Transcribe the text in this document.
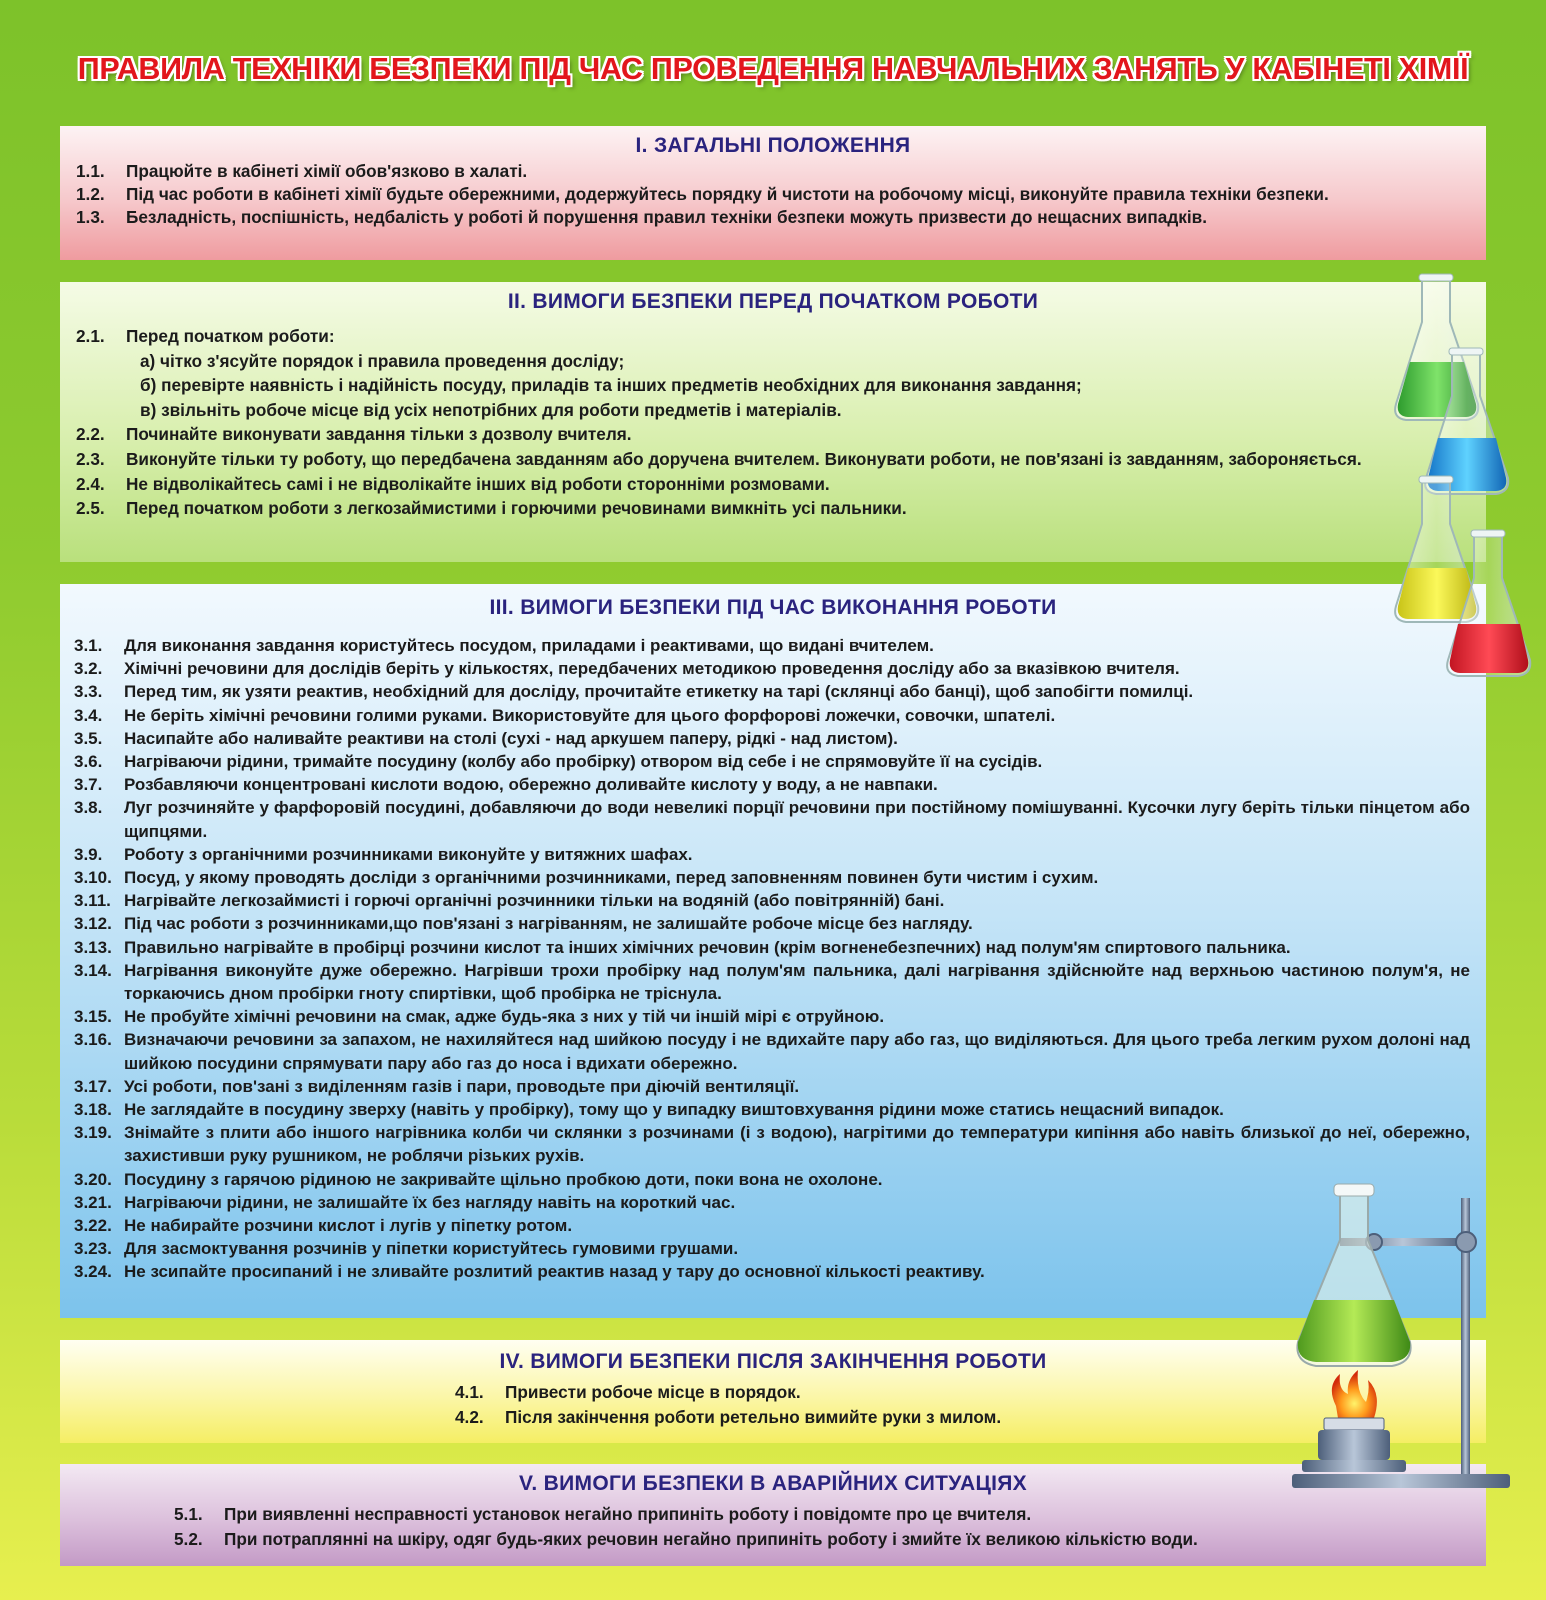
ПРАВИЛА ТЕХНІКИ БЕЗПЕКИ ПІД ЧАС ПРОВЕДЕННЯ НАВЧАЛЬНИХ ЗАНЯТЬ У КАБІНЕТІ ХІМІЇ
I. ЗАГАЛЬНІ ПОЛОЖЕННЯ
1.1.	Працюйте в кабінеті хімії обов'язково в халаті.
1.2.	Під час роботи в кабінеті хімії будьте обережними, додержуйтесь порядку й чистоти на робочому місці, виконуйте правила техніки безпеки.
1.3.	Безладність, поспішність, недбалість у роботі й порушення правил техніки безпеки можуть призвести до нещасних випадків.
II. ВИМОГИ БЕЗПЕКИ ПЕРЕД ПОЧАТКОМ РОБОТИ
2.1.	Перед початком роботи:
а) чітко з'ясуйте порядок і правила проведення досліду;
б) перевірте наявність і надійність посуду, приладів та інших предметів необхідних для виконання завдання;
в) звільніть робоче місце від усіх непотрібних для роботи предметів і матеріалів.
2.2.	Починайте виконувати завдання тільки з дозволу вчителя.
2.3.	Виконуйте тільки ту роботу, що передбачена завданням або доручена вчителем. Виконувати роботи, не пов'язані із завданням, забороняється.
2.4.	Не відволікайтесь самі і не відволікайте інших від роботи сторонніми розмовами.
2.5.	Перед початком роботи з легкозаймистими і горючими речовинами вимкніть усі пальники.
III. ВИМОГИ БЕЗПЕКИ ПІД ЧАС ВИКОНАННЯ РОБОТИ
3.1.	Для виконання завдання користуйтесь посудом, приладами і реактивами, що видані вчителем.
3.2.	Хімічні речовини для дослідів беріть у кількостях, передбачених методикою проведення досліду або за вказівкою вчителя.
3.3.	Перед тим, як узяти реактив, необхідний для досліду, прочитайте етикетку на тарі (склянці або банці), щоб запобігти помилці.
3.4.	Не беріть хімічні речовини голими руками. Використовуйте для цього форфорові ложечки, совочки, шпателі.
3.5.	Насипайте або наливайте реактиви на столі (сухі - над аркушем паперу, рідкі - над листом).
3.6.	Нагріваючи рідини, тримайте посудину (колбу або пробірку) отвором від себе і не спрямовуйте її на сусідів.
3.7.	Розбавляючи концентровані кислоти водою, обережно доливайте кислоту у воду, а не навпаки.
3.8.	Луг розчиняйте у фарфоровій посудині, добавляючи до води невеликі порції речовини при постійному помішуванні. Кусочки лугу беріть тільки пінцетом або щипцями.
3.9.	Роботу з органічними розчинниками виконуйте у витяжних шафах.
3.10. Посуд, у якому проводять досліди з органічними розчинниками, перед заповненням повинен бути чистим і сухим.
3.11. Нагрівайте легкозаймисті і горючі органічні розчинники тільки на водяній (або повітрянній) бані.
3.12. Під час роботи з розчинниками,що пов'язані з нагріванням, не залишайте робоче місце без нагляду.
3.13. Правильно нагрівайте в пробірці розчини кислот та інших хімічних речовин (крім вогненебезпечних) над полум'ям спиртового пальника.
3.14. Нагрівання виконуйте дуже обережно. Нагрівши трохи пробірку над полум'ям пальника, далі нагрівання здійснюйте над верхньою частиною полум'я, не торкаючись дном пробірки гноту спиртівки, щоб пробірка не тріснула.
3.15. Не пробуйте хімічні речовини на смак, адже будь-яка з них у тій чи іншій мірі є отруйною.
3.16. Визначаючи речовини за запахом, не нахиляйтеся над шийкою посуду і не вдихайте пару або газ, що виділяються. Для цього треба легким рухом долоні над шийкою посудини спрямувати пару або газ до носа і вдихати обережно.
3.17. Усі роботи, пов'зані з виділенням газів і пари, проводьте при діючій вентиляції.
3.18. Не заглядайте в посудину зверху (навіть у пробірку), тому що у випадку виштовхування рідини може статись нещасний випадок.
3.19. Знімайте з плити або іншого нагрівника колби чи склянки з розчинами (і з водою), нагрітими до температури кипіння або навіть близької до неї, обережно, захистивши руку рушником, не роблячи різьких рухів.
3.20. Посудину з гарячою рідиною не закривайте щільно пробкою доти, поки вона не охолоне.
3.21. Нагріваючи рідини, не залишайте їх без нагляду навіть на короткий час.
3.22. Не набирайте розчини кислот і лугів у піпетку ротом.
3.23. Для засмоктування розчинів у піпетки користуйтесь гумовими грушами.
3.24. Не зсипайте просипаний і не зливайте розлитий реактив назад у тару до основної кількості реактиву.
IV. ВИМОГИ БЕЗПЕКИ ПІСЛЯ ЗАКІНЧЕННЯ РОБОТИ
4.1.	Привести робоче місце в порядок.
4.2.	Після закінчення роботи ретельно вимийте руки з милом.
V. ВИМОГИ БЕЗПЕКИ В АВАРІЙНИХ СИТУАЦІЯХ
5.1.	При виявленні несправності установок негайно припиніть роботу і повідомте про це вчителя.
5.2.	При потраплянні на шкіру, одяг будь-яких речовин негайно припиніть роботу і змийте їх великою кількістю води.
